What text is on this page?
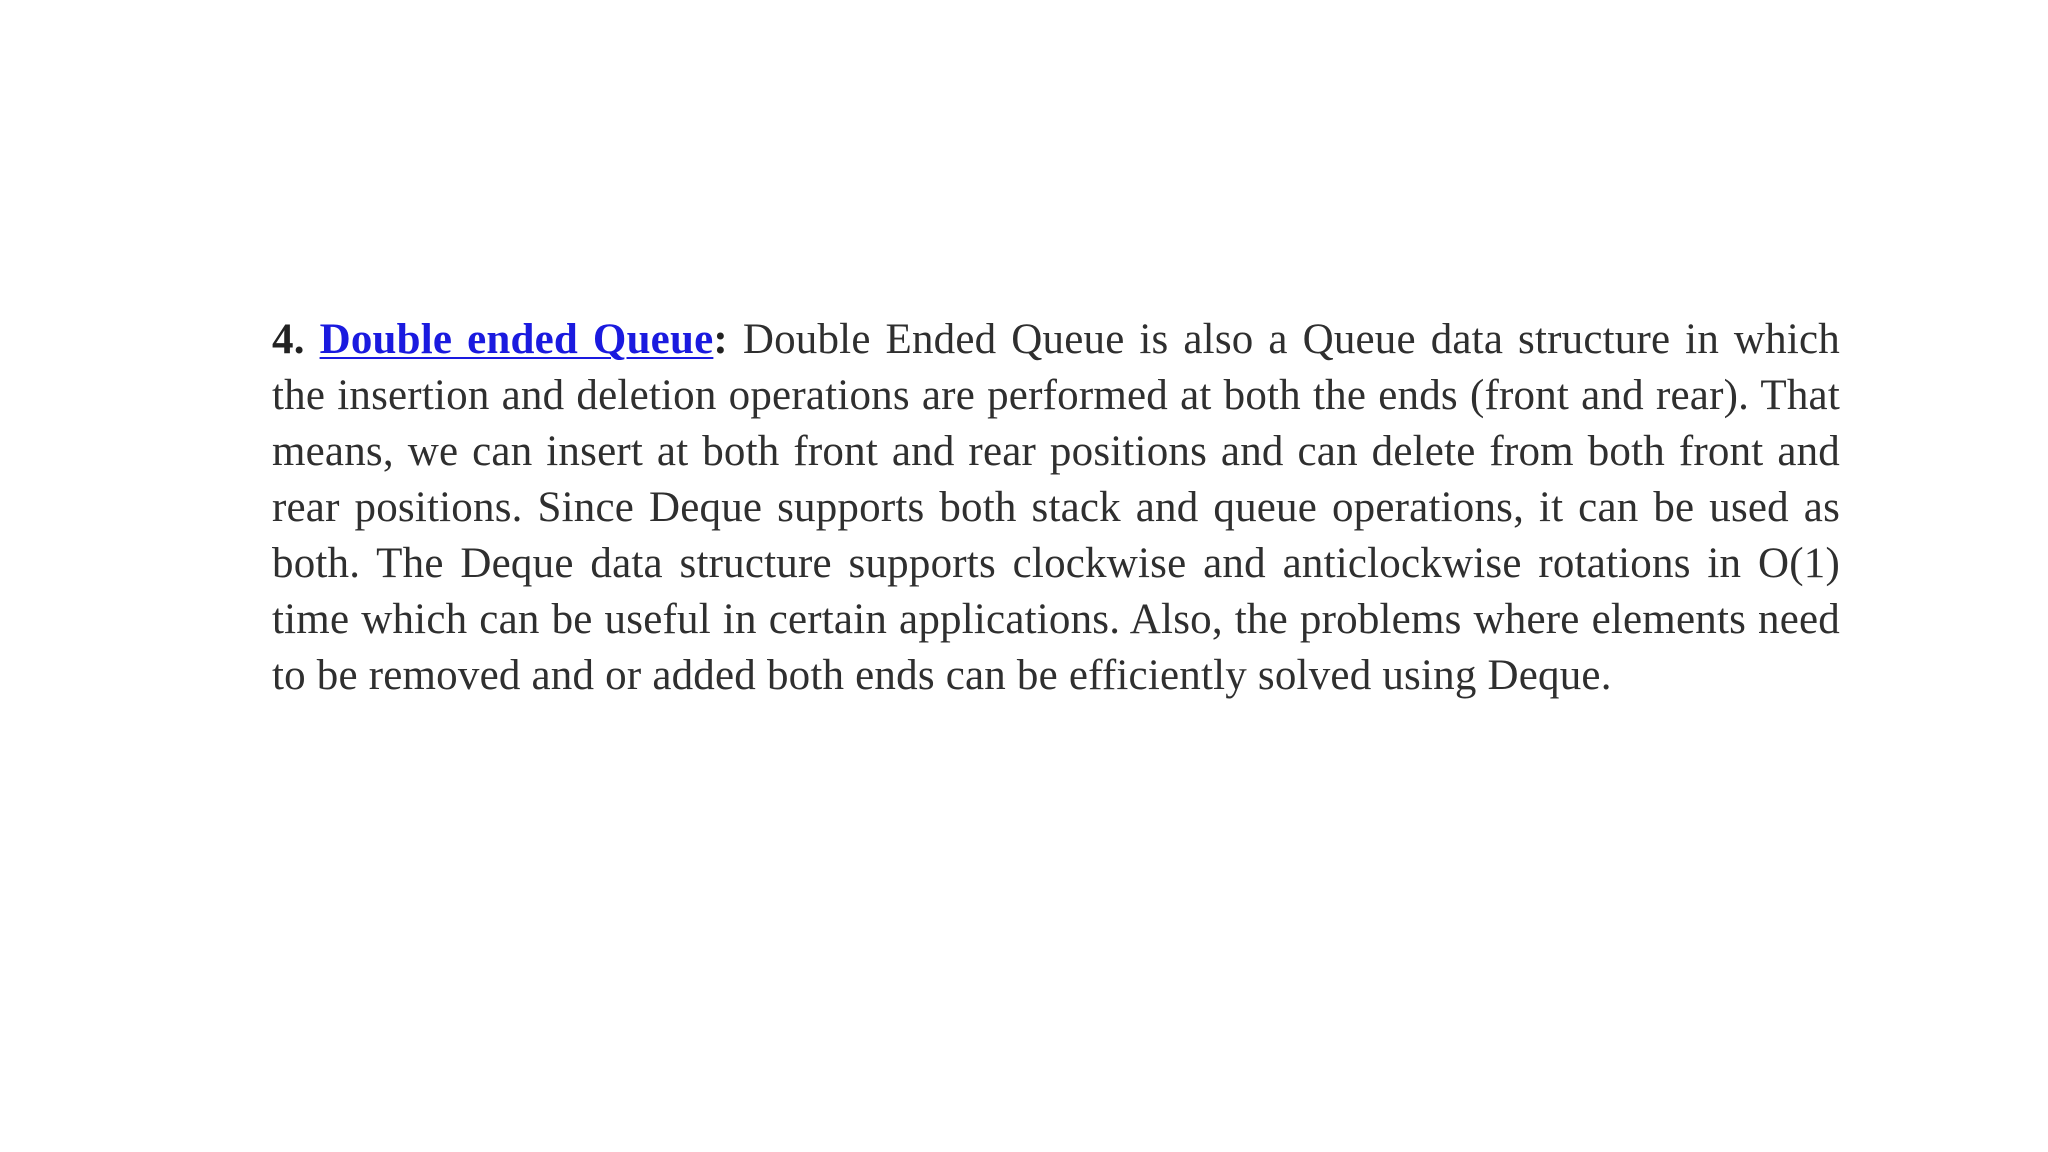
4. Double ended Queue: Double Ended Queue is also a Queue data structure in which the insertion and deletion operations are performed at both the ends (front and rear). That means, we can insert at both front and rear positions and can delete from both front and rear positions. Since Deque supports both stack and queue operations, it can be used as both. The Deque data structure supports clockwise and anticlockwise rotations in O(1) time which can be useful in certain applications. Also, the problems where elements need to be removed and or added both ends can be efficiently solved using Deque.
